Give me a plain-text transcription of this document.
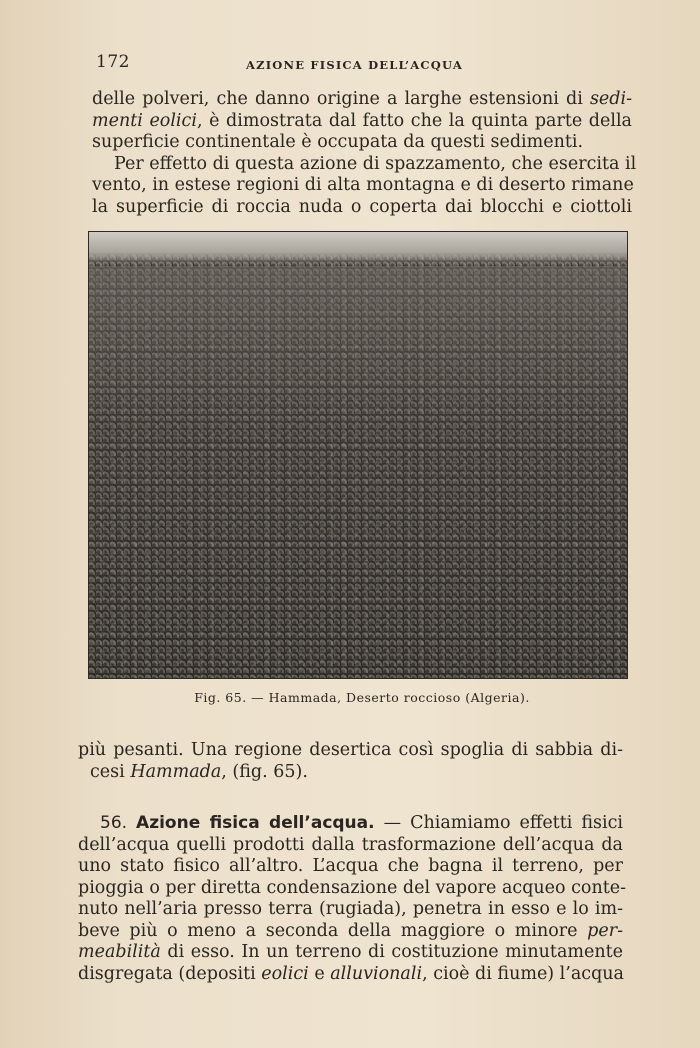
172	AZIONE FISICA DELL’ACQUA
delle polveri, che danno origine a larghe estensioni di sedi-
menti eolici, è dimostrata dal fatto che la quinta parte della
superficie continentale è occupata da questi sedimenti.
Per effetto di questa azione di spazzamento, che esercita il
vento, in estese regioni di alta montagna e di deserto rimane
la superficie di roccia nuda o coperta dai blocchi e ciottoli
Fig. 65. — Hammada, Deserto roccioso (Algeria).
più pesanti. Una regione desertica così spoglia di sabbia di-
cesi Hammada, (fig. 65).
56. Azione fisica dell’acqua. — Chiamiamo effetti fisici
dell’acqua quelli prodotti dalla trasformazione dell’acqua da
uno stato fisico all’altro. L’acqua che bagna il terreno, per
pioggia o per diretta condensazione del vapore acqueo conte-
nuto nell’aria presso terra (rugiada), penetra in esso e lo im-
beve più o meno a seconda della maggiore o minore per-
meabilità di esso. In un terreno di costituzione minutamente
disgregata (depositi eolici e alluvionali, cioè di fiume) l’acqua
